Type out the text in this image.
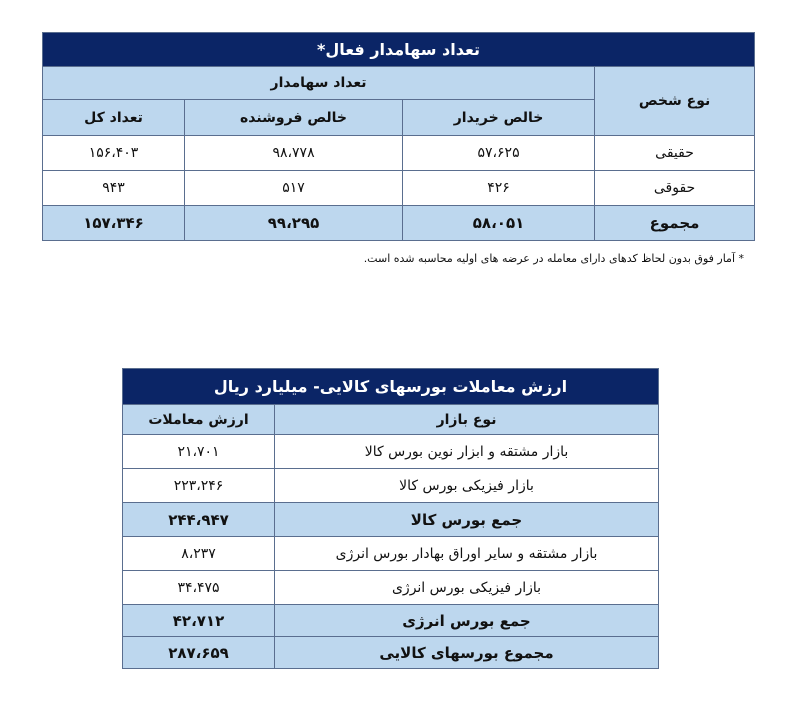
تعداد سهامدار فعال*			
نوع شخص	تعداد سهامدار		
	خالص خریدار	خالص فروشنده	تعداد کل
حقیقی	۵۷،۶۲۵	۹۸،۷۷۸	۱۵۶،۴۰۳
حقوقی	۴۲۶	۵۱۷	۹۴۳
مجموع	۵۸،۰۵۱	۹۹،۲۹۵	۱۵۷،۳۴۶
* آمار فوق بدون لحاظ کدهای دارای معامله در عرضه های اولیه محاسبه شده است.
ارزش معاملات بورسهای کالایی- میلیارد ریال	
نوع بازار	ارزش معاملات
بازار مشتقه و ابزار نوین بورس کالا	۲۱،۷۰۱
بازار فیزیکی بورس کالا	۲۲۳،۲۴۶
جمع بورس کالا	۲۴۴،۹۴۷
بازار مشتقه و سایر اوراق بهادار بورس انرژی	۸،۲۳۷
بازار فیزیکی بورس انرژی	۳۴،۴۷۵
جمع بورس انرژی	۴۲،۷۱۲
مجموع بورسهای کالایی	۲۸۷،۶۵۹
